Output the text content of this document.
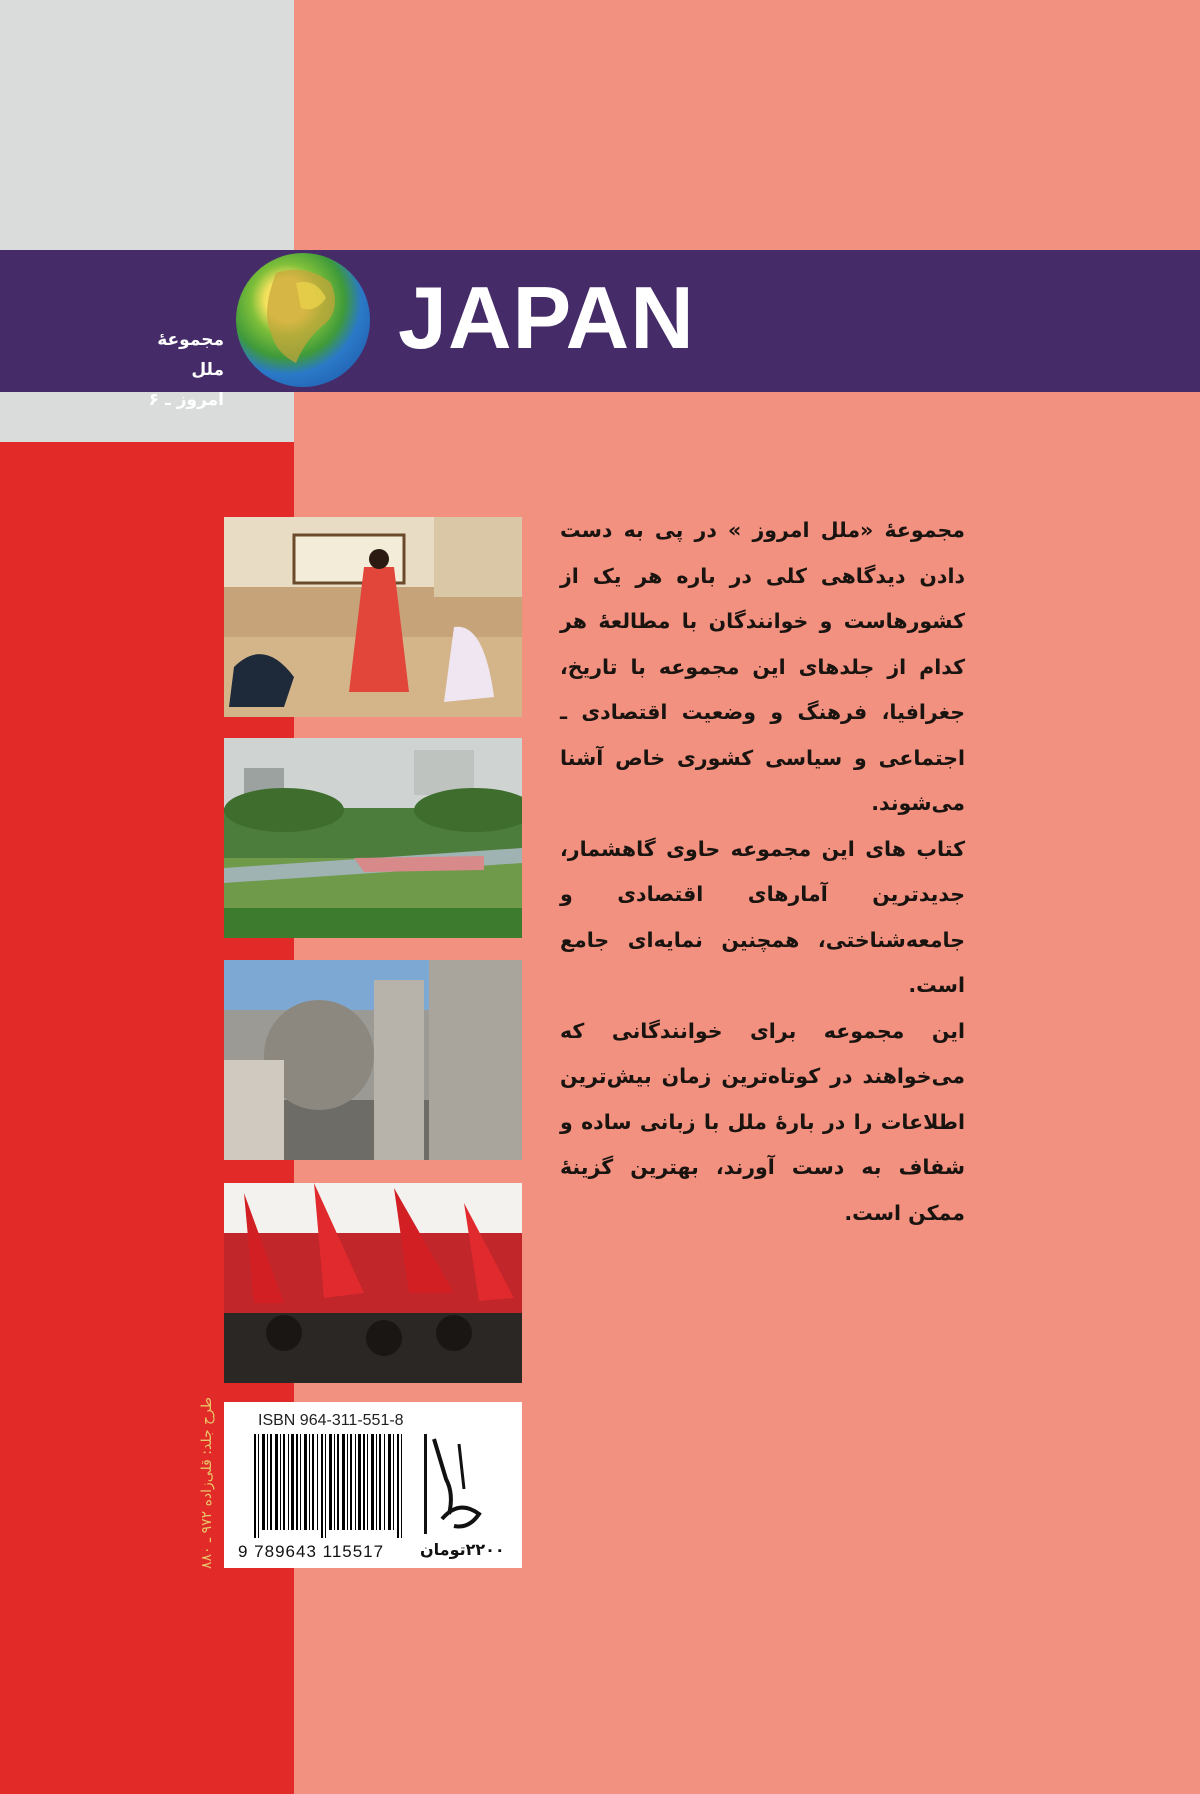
مجموعهٔ
ملل امروز ـ ۶
JAPAN

مجموعهٔ «ملل امروز » در پی به دست دادن دیدگاهی کلی در باره هر یک از کشورهاست و خوانندگان با مطالعهٔ هر کدام از جلدهای این مجموعه با تاریخ، جغرافیا، فرهنگ و وضعیت اقتصادی ـ اجتماعی و سیاسی کشوری خاص آشنا می‌شوند.

کتاب‌ های این مجموعه حاوی گاهشمار، جدیدترین آمارهای اقتصادی و جامعه‌شناختی، همچنین نمایه‌ای جامع است.

این مجموعه برای خوانندگانی که می‌خواهند در کوتاه‌ترین زمان بیش‌ترین اطلاعات را در بارهٔ ملل با زبانی ساده و شفاف به دست آورند، بهترین گزینهٔ ممکن است.

ISBN 964-311-551-8
9 789643 115517 ۲۲۰۰تومان
طرح جلد: قلی‌زاده ۹۷۲ ـ ۸۸۰
